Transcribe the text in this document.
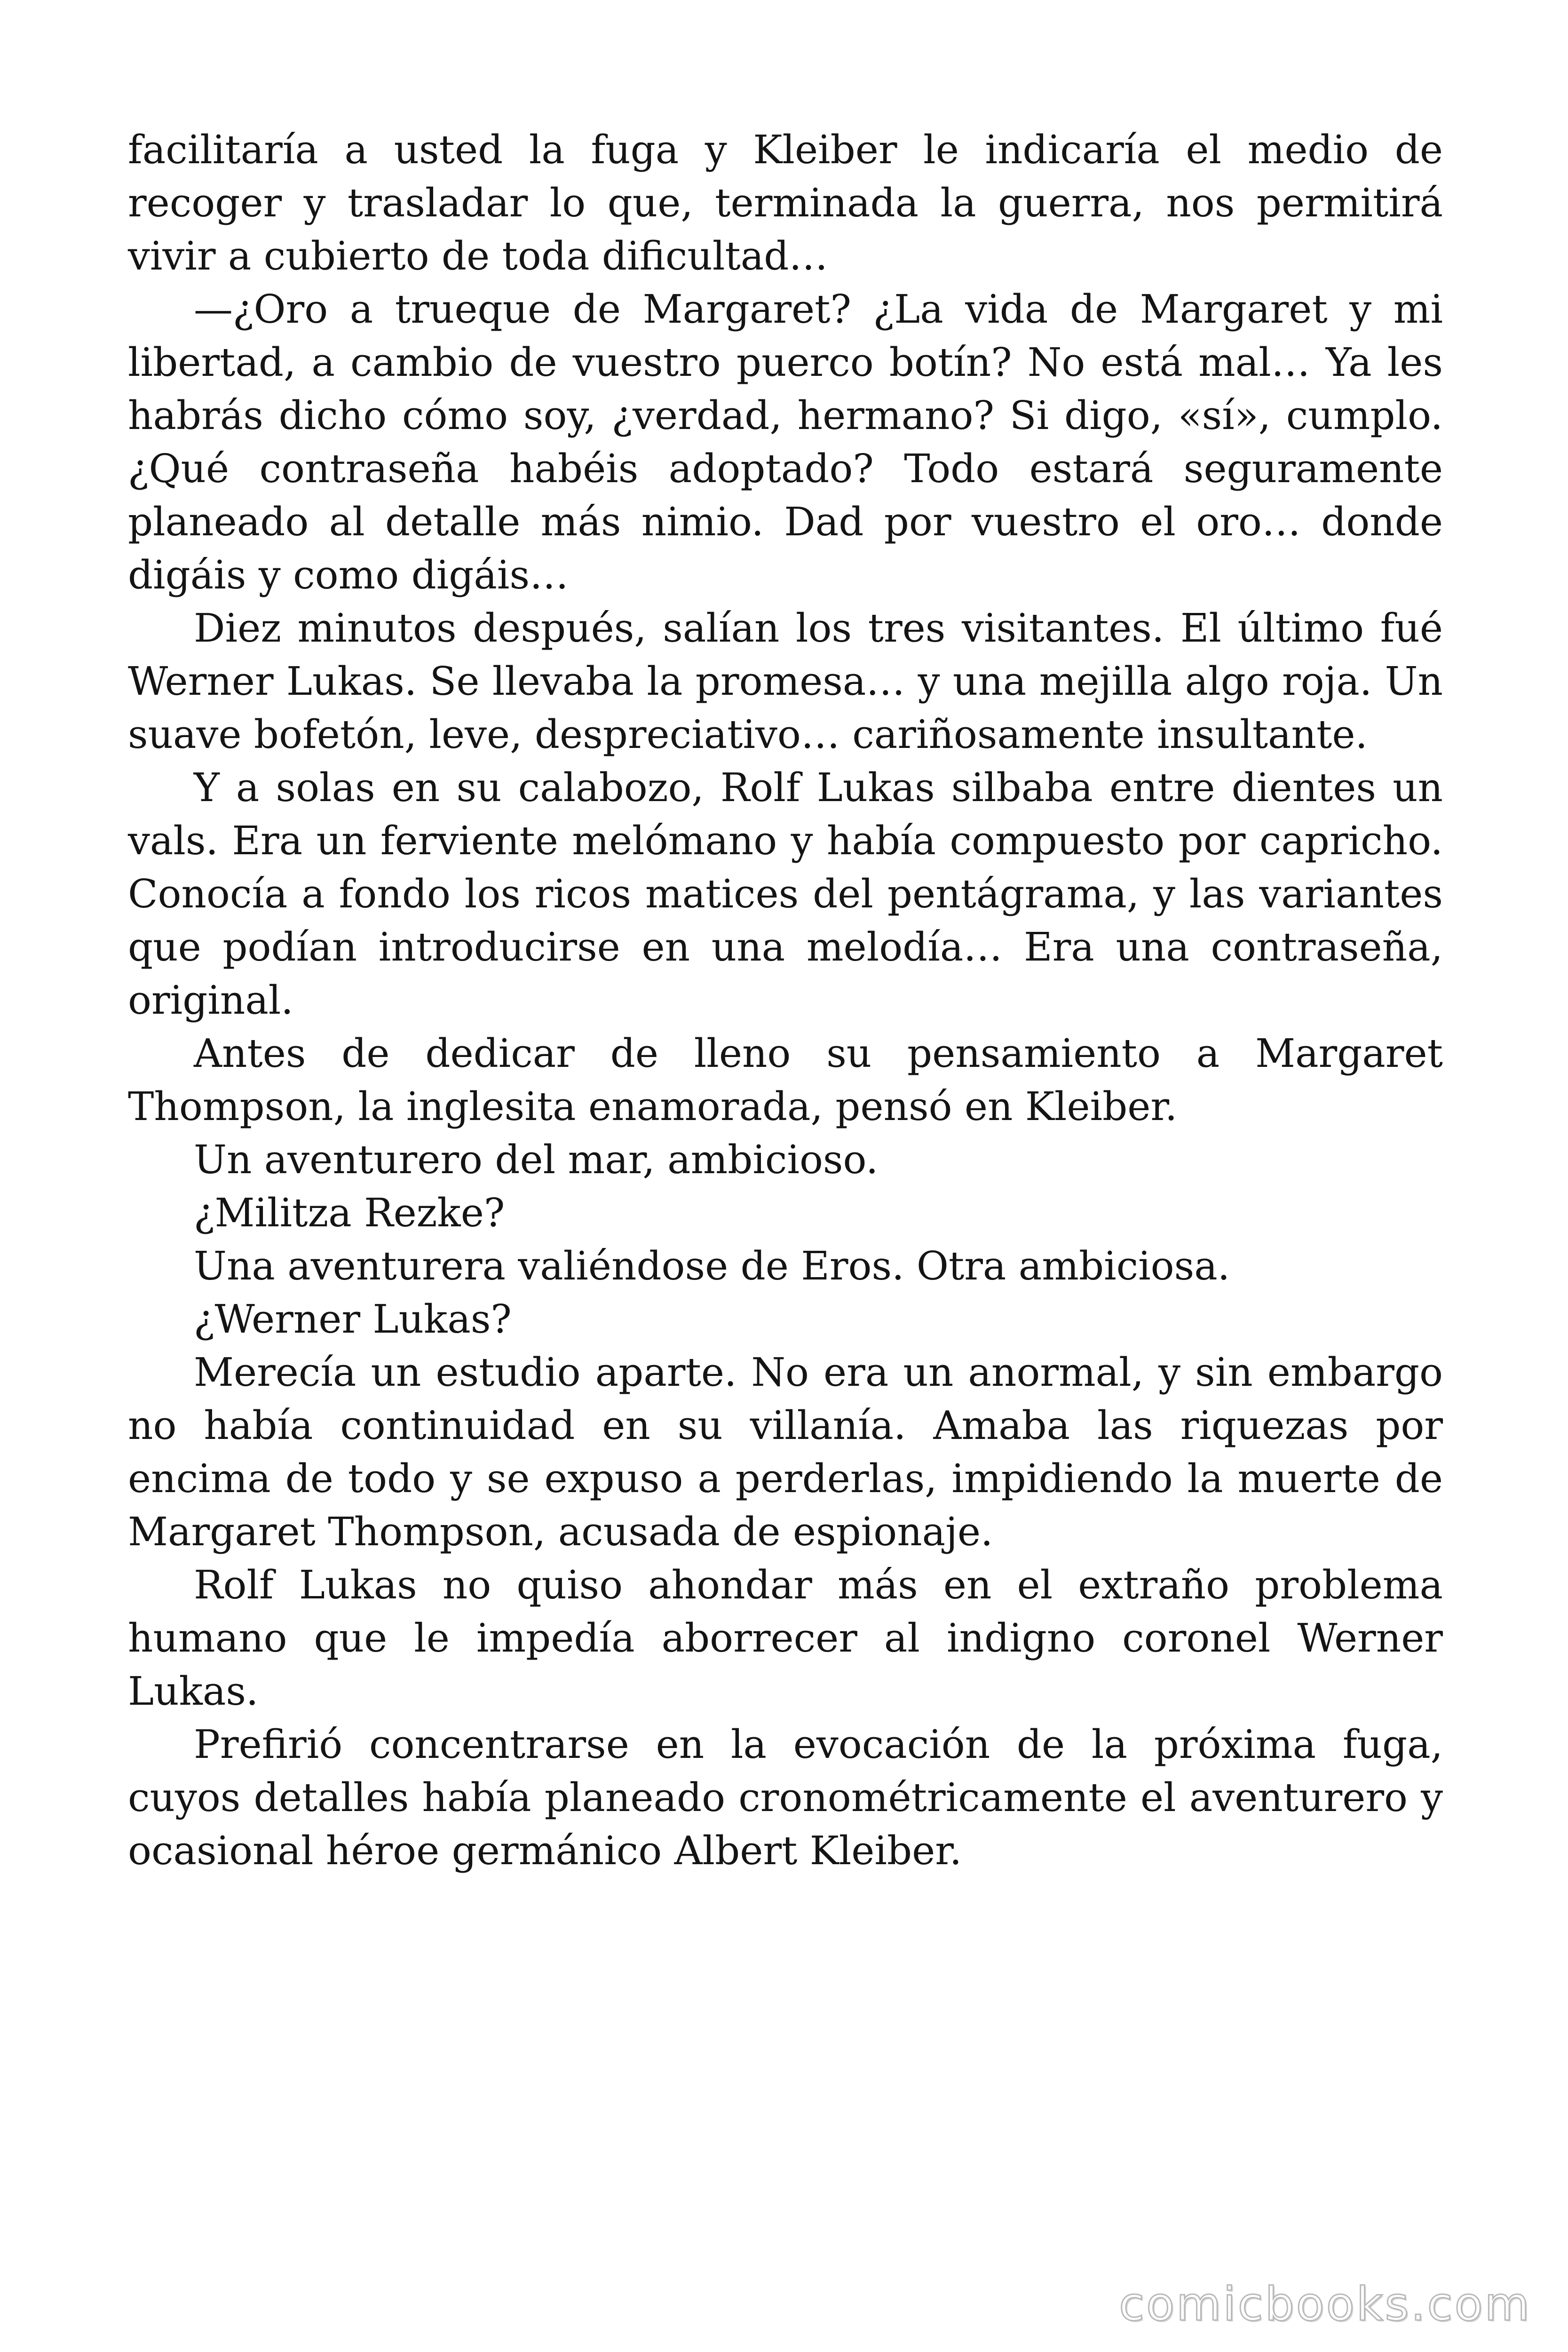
facilitaría a usted la fuga y Kleiber le indicaría el medio de recoger y trasladar lo que, terminada la guerra, nos permitirá vivir a cubierto de toda dificultad…

—¿Oro a trueque de Margaret? ¿La vida de Margaret y mi libertad, a cambio de vuestro puerco botín? No está mal… Ya les habrás dicho cómo soy, ¿verdad, hermano? Si digo, «sí», cumplo. ¿Qué contraseña habéis adoptado? Todo estará seguramente planeado al detalle más nimio. Dad por vuestro el oro… donde digáis y como digáis…

Diez minutos después, salían los tres visitantes. El último fué Werner Lukas. Se llevaba la promesa… y una mejilla algo roja. Un suave bofetón, leve, despreciativo… cariñosamente insultante.

Y a solas en su calabozo, Rolf Lukas silbaba entre dientes un vals. Era un ferviente melómano y había compuesto por capricho. Conocía a fondo los ricos matices del pentágrama, y las variantes que podían introducirse en una melodía… Era una contraseña, original.

Antes de dedicar de lleno su pensamiento a Margaret Thompson, la inglesita enamorada, pensó en Kleiber.

Un aventurero del mar, ambicioso.

¿Militza Rezke?

Una aventurera valiéndose de Eros. Otra ambiciosa.

¿Werner Lukas?

Merecía un estudio aparte. No era un anormal, y sin embargo no había continuidad en su villanía. Amaba las riquezas por encima de todo y se expuso a perderlas, impidiendo la muerte de Margaret Thompson, acusada de espionaje.

Rolf Lukas no quiso ahondar más en el extraño problema humano que le impedía aborrecer al indigno coronel Werner Lukas.

Prefirió concentrarse en la evocación de la próxima fuga, cuyos detalles había planeado cronométricamente el aventurero y ocasional héroe germánico Albert Kleiber.

comicbooks.com
